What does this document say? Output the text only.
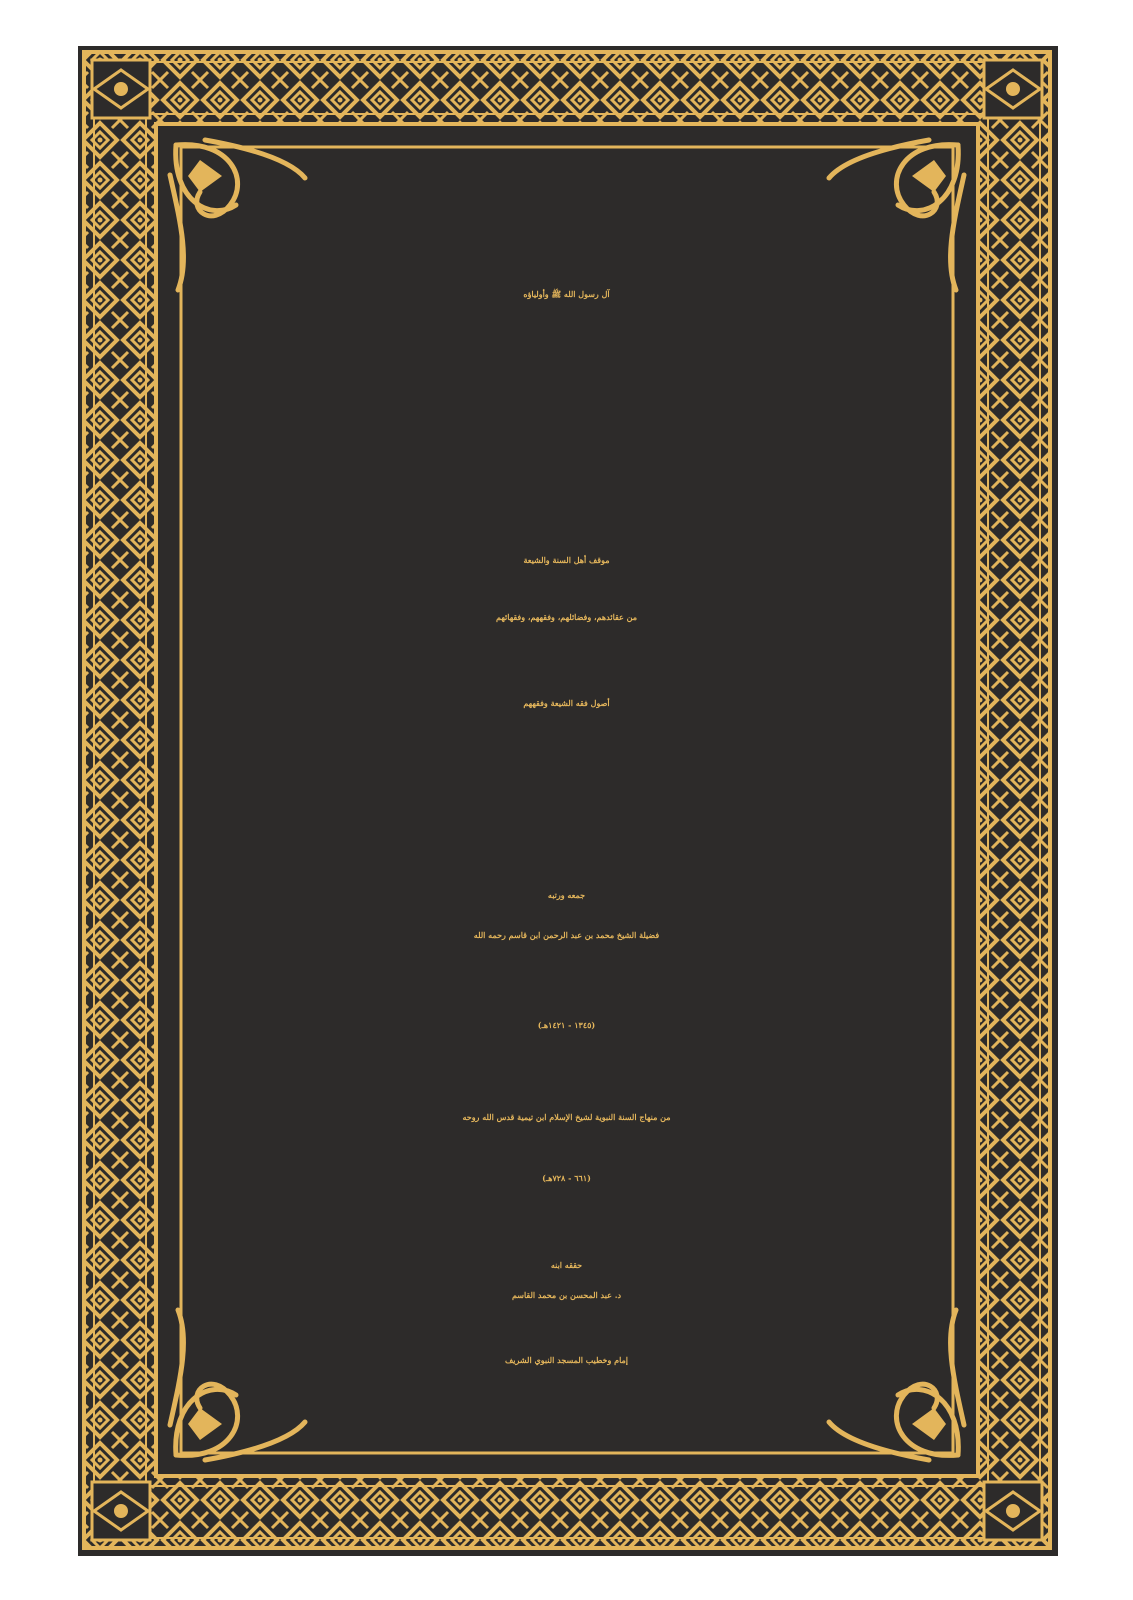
آل رسول الله ﷺ وأولياؤه
موقف أهل السنة والشيعة
من عقائدهم، وفضائلهم، وفقههم، وفقهائهم
أصول فقه الشيعة وفقههم
جمعه ورتبه
فضيلة الشيخ محمد بن عبد الرحمن ابن قاسم رحمه الله
(١٣٤٥ - ١٤٢١هـ)
من منهاج السنة النبوية لشيخ الإسلام ابن تيمية قدس الله روحه
(٦٦١ - ٧٢٨هـ)
حققه ابنه
د. عبد المحسن بن محمد القاسم
إمام وخطيب المسجد النبوي الشريف
